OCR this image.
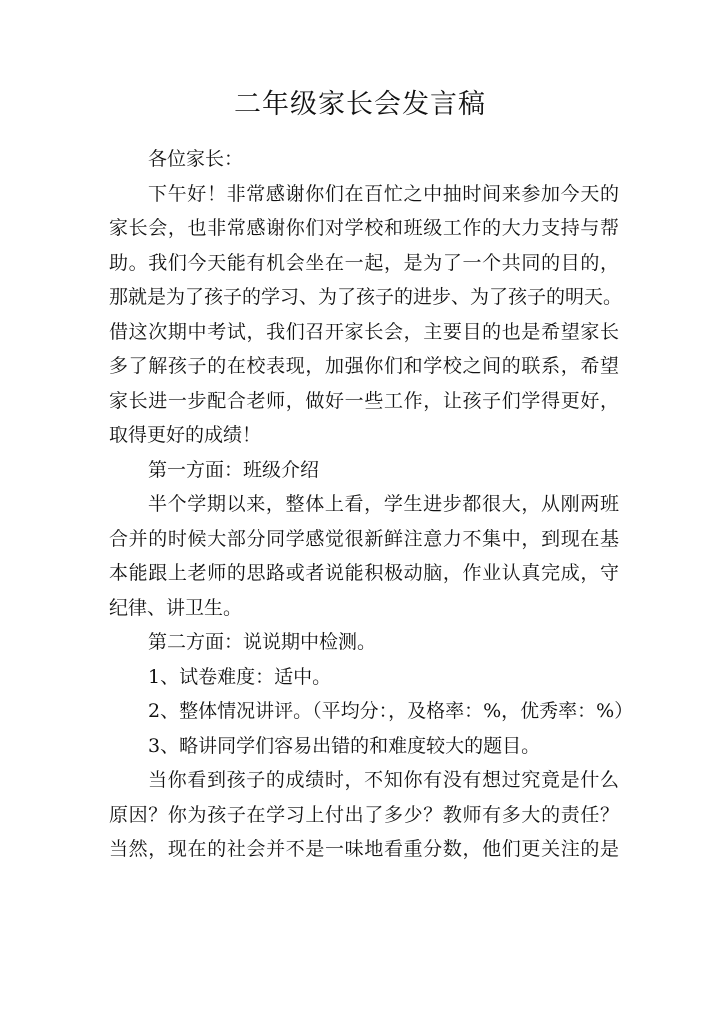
二年级家长会发言稿
各位家长：
下午好！非常感谢你们在百忙之中抽时间来参加今天的
家长会，也非常感谢你们对学校和班级工作的大力支持与帮
助。我们今天能有机会坐在一起，是为了一个共同的目的，
那就是为了孩子的学习、为了孩子的进步、为了孩子的明天。
借这次期中考试，我们召开家长会，主要目的也是希望家长
多了解孩子的在校表现，加强你们和学校之间的联系，希望
家长进一步配合老师，做好一些工作，让孩子们学得更好，
取得更好的成绩！
第一方面：班级介绍
半个学期以来，整体上看，学生进步都很大，从刚两班
合并的时候大部分同学感觉很新鲜注意力不集中，到现在基
本能跟上老师的思路或者说能积极动脑，作业认真完成，守
纪律、讲卫生。
第二方面：说说期中检测。
1、试卷难度：适中。
2、整体情况讲评。（平均分：，及格率：%，优秀率：%）
3、略讲同学们容易出错的和难度较大的题目。
当你看到孩子的成绩时，不知你有没有想过究竟是什么
原因？你为孩子在学习上付出了多少？教师有多大的责任？
当然，现在的社会并不是一味地看重分数，他们更关注的是
